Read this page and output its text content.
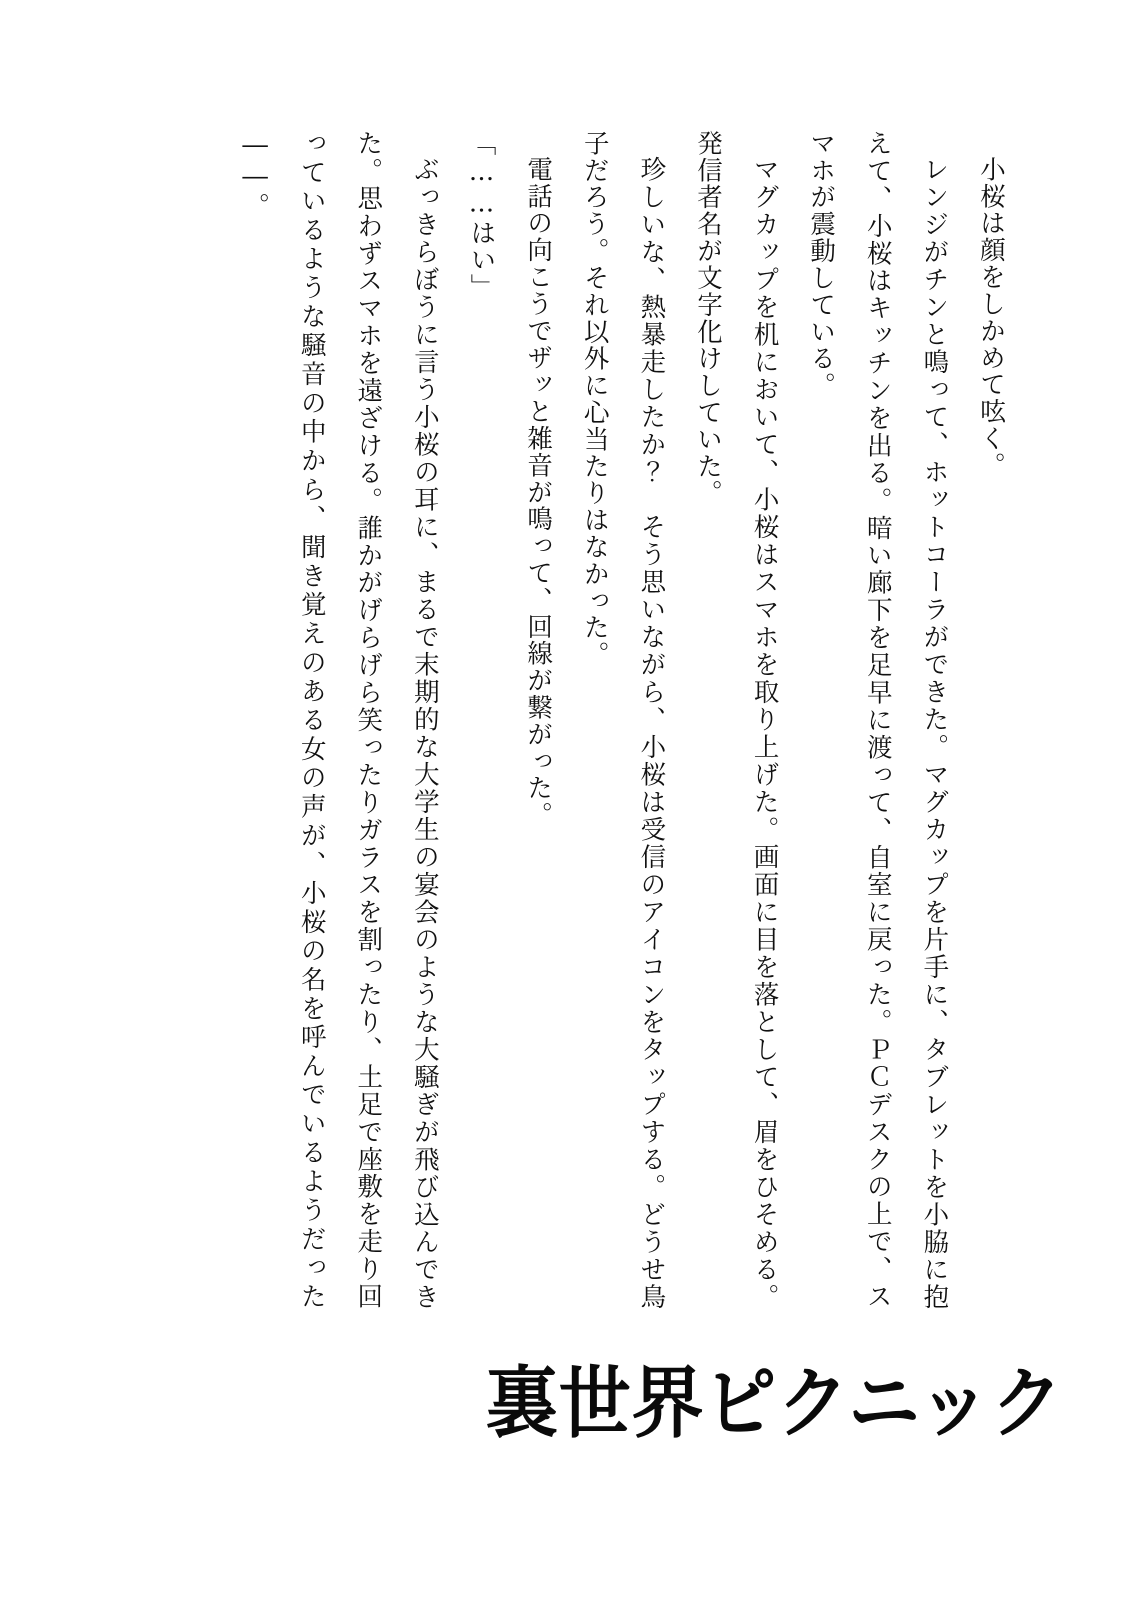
小桜は顔をしかめて呟く。

レンジがチンと鳴って、ホットコーラができた。マグカップを片手に、タブレットを小脇に抱えて、小桜はキッチンを出る。暗い廊下を足早に渡って、自室に戻った。ＰＣデスクの上で、スマホが震動している。

マグカップを机において、小桜はスマホを取り上げた。画面に目を落として、眉をひそめる。発信者名が文字化けしていた。

珍しいな、熱暴走したか？　そう思いながら、小桜は受信のアイコンをタップする。どうせ鳥子だろう。それ以外に心当たりはなかった。

電話の向こうでザッと雑音が鳴って、回線が繋がった。

「……はい」

ぶっきらぼうに言う小桜の耳に、まるで末期的な大学生の宴会のような大騒ぎが飛び込んできた。思わずスマホを遠ざける。誰かがげらげら笑ったりガラスを割ったり、土足で座敷を走り回っているような騒音の中から、聞き覚えのある女の声が、小桜の名を呼んでいるようだった――。

裏世界ピクニック
